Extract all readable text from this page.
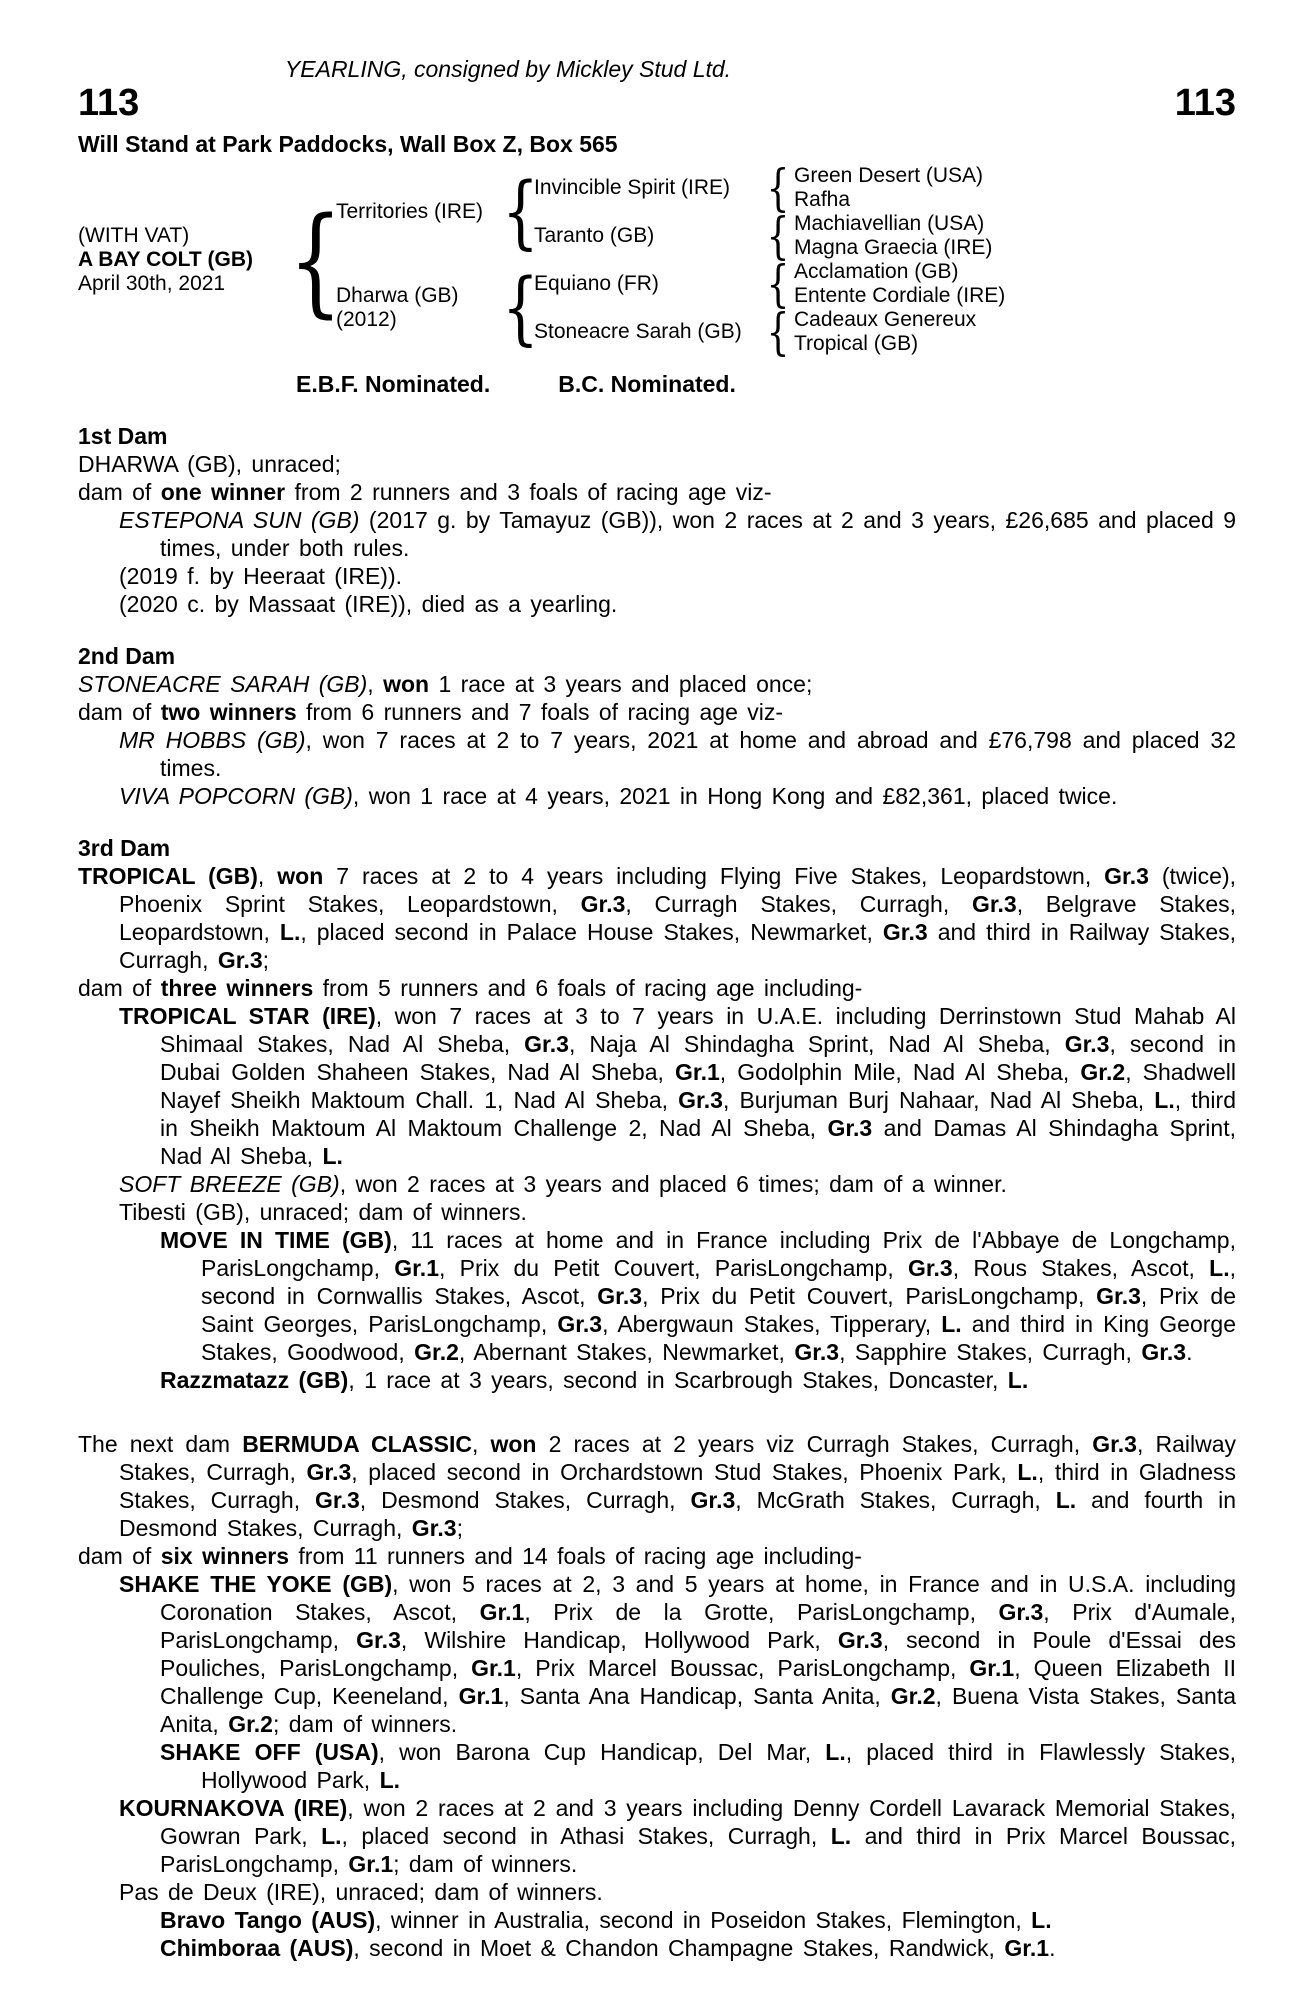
YEARLING, consigned by Mickley Stud Ltd.
113	113
Will Stand at Park Paddocks, Wall Box Z, Box 565
(WITH VAT)
A BAY COLT (GB)
April 30th, 2021 {
Territories (IRE) {
Dharwa (GB)
(2012)	{
Invincible Spirit (IRE) { Green Desert (USA)
Rafha
Taranto (GB)	{ Machiavellian (USA)
Magna Graecia (IRE)
Equiano (FR)	{ Acclamation (GB)
Entente Cordiale (IRE)
Stoneacre Sarah (GB) { Cadeaux Genereux
Tropical (GB)
E.B.F. Nominated.	B.C. Nominated.
1st Dam
DHARWA (GB), unraced;
dam of one winner from 2 runners and 3 foals of racing age viz-
ESTEPONA SUN (GB) (2017 g. by Tamayuz (GB)), won 2 races at 2 and 3 years, £26,685 and placed 9 times, under both rules.
(2019 f. by Heeraat (IRE)).
(2020 c. by Massaat (IRE)), died as a yearling.
2nd Dam
STONEACRE SARAH (GB), won 1 race at 3 years and placed once;
dam of two winners from 6 runners and 7 foals of racing age viz-
MR HOBBS (GB), won 7 races at 2 to 7 years, 2021 at home and abroad and £76,798 and placed 32 times.
VIVA POPCORN (GB), won 1 race at 4 years, 2021 in Hong Kong and £82,361, placed twice.
3rd Dam
TROPICAL (GB), won 7 races at 2 to 4 years including Flying Five Stakes, Leopardstown, Gr.3 (twice), Phoenix Sprint Stakes, Leopardstown, Gr.3, Curragh Stakes, Curragh, Gr.3, Belgrave Stakes, Leopardstown, L., placed second in Palace House Stakes, Newmarket, Gr.3 and third in Railway Stakes, Curragh, Gr.3;
dam of three winners from 5 runners and 6 foals of racing age including-
TROPICAL STAR (IRE), won 7 races at 3 to 7 years in U.A.E. including Derrinstown Stud Mahab Al Shimaal Stakes, Nad Al Sheba, Gr.3, Naja Al Shindagha Sprint, Nad Al Sheba, Gr.3, second in Dubai Golden Shaheen Stakes, Nad Al Sheba, Gr.1, Godolphin Mile, Nad Al Sheba, Gr.2, Shadwell Nayef Sheikh Maktoum Chall. 1, Nad Al Sheba, Gr.3, Burjuman Burj Nahaar, Nad Al Sheba, L., third in Sheikh Maktoum Al Maktoum Challenge 2, Nad Al Sheba, Gr.3 and Damas Al Shindagha Sprint, Nad Al Sheba, L.
SOFT BREEZE (GB), won 2 races at 3 years and placed 6 times; dam of a winner.
Tibesti (GB), unraced; dam of winners.
MOVE IN TIME (GB), 11 races at home and in France including Prix de l'Abbaye de Longchamp, ParisLongchamp, Gr.1, Prix du Petit Couvert, ParisLongchamp, Gr.3, Rous Stakes, Ascot, L., second in Cornwallis Stakes, Ascot, Gr.3, Prix du Petit Couvert, ParisLongchamp, Gr.3, Prix de Saint Georges, ParisLongchamp, Gr.3, Abergwaun Stakes, Tipperary, L. and third in King George Stakes, Goodwood, Gr.2, Abernant Stakes, Newmarket, Gr.3, Sapphire Stakes, Curragh, Gr.3.
Razzmatazz (GB), 1 race at 3 years, second in Scarbrough Stakes, Doncaster, L.
The next dam BERMUDA CLASSIC, won 2 races at 2 years viz Curragh Stakes, Curragh, Gr.3, Railway Stakes, Curragh, Gr.3, placed second in Orchardstown Stud Stakes, Phoenix Park, L., third in Gladness Stakes, Curragh, Gr.3, Desmond Stakes, Curragh, Gr.3, McGrath Stakes, Curragh, L. and fourth in Desmond Stakes, Curragh, Gr.3;
dam of six winners from 11 runners and 14 foals of racing age including-
SHAKE THE YOKE (GB), won 5 races at 2, 3 and 5 years at home, in France and in U.S.A. including Coronation Stakes, Ascot, Gr.1, Prix de la Grotte, ParisLongchamp, Gr.3, Prix d'Aumale, ParisLongchamp, Gr.3, Wilshire Handicap, Hollywood Park, Gr.3, second in Poule d'Essai des Pouliches, ParisLongchamp, Gr.1, Prix Marcel Boussac, ParisLongchamp, Gr.1, Queen Elizabeth II Challenge Cup, Keeneland, Gr.1, Santa Ana Handicap, Santa Anita, Gr.2, Buena Vista Stakes, Santa Anita, Gr.2; dam of winners.
SHAKE OFF (USA), won Barona Cup Handicap, Del Mar, L., placed third in Flawlessly Stakes, Hollywood Park, L.
KOURNAKOVA (IRE), won 2 races at 2 and 3 years including Denny Cordell Lavarack Memorial Stakes, Gowran Park, L., placed second in Athasi Stakes, Curragh, L. and third in Prix Marcel Boussac, ParisLongchamp, Gr.1; dam of winners.
Pas de Deux (IRE), unraced; dam of winners.
Bravo Tango (AUS), winner in Australia, second in Poseidon Stakes, Flemington, L.
Chimboraa (AUS), second in Moet & Chandon Champagne Stakes, Randwick, Gr.1.
